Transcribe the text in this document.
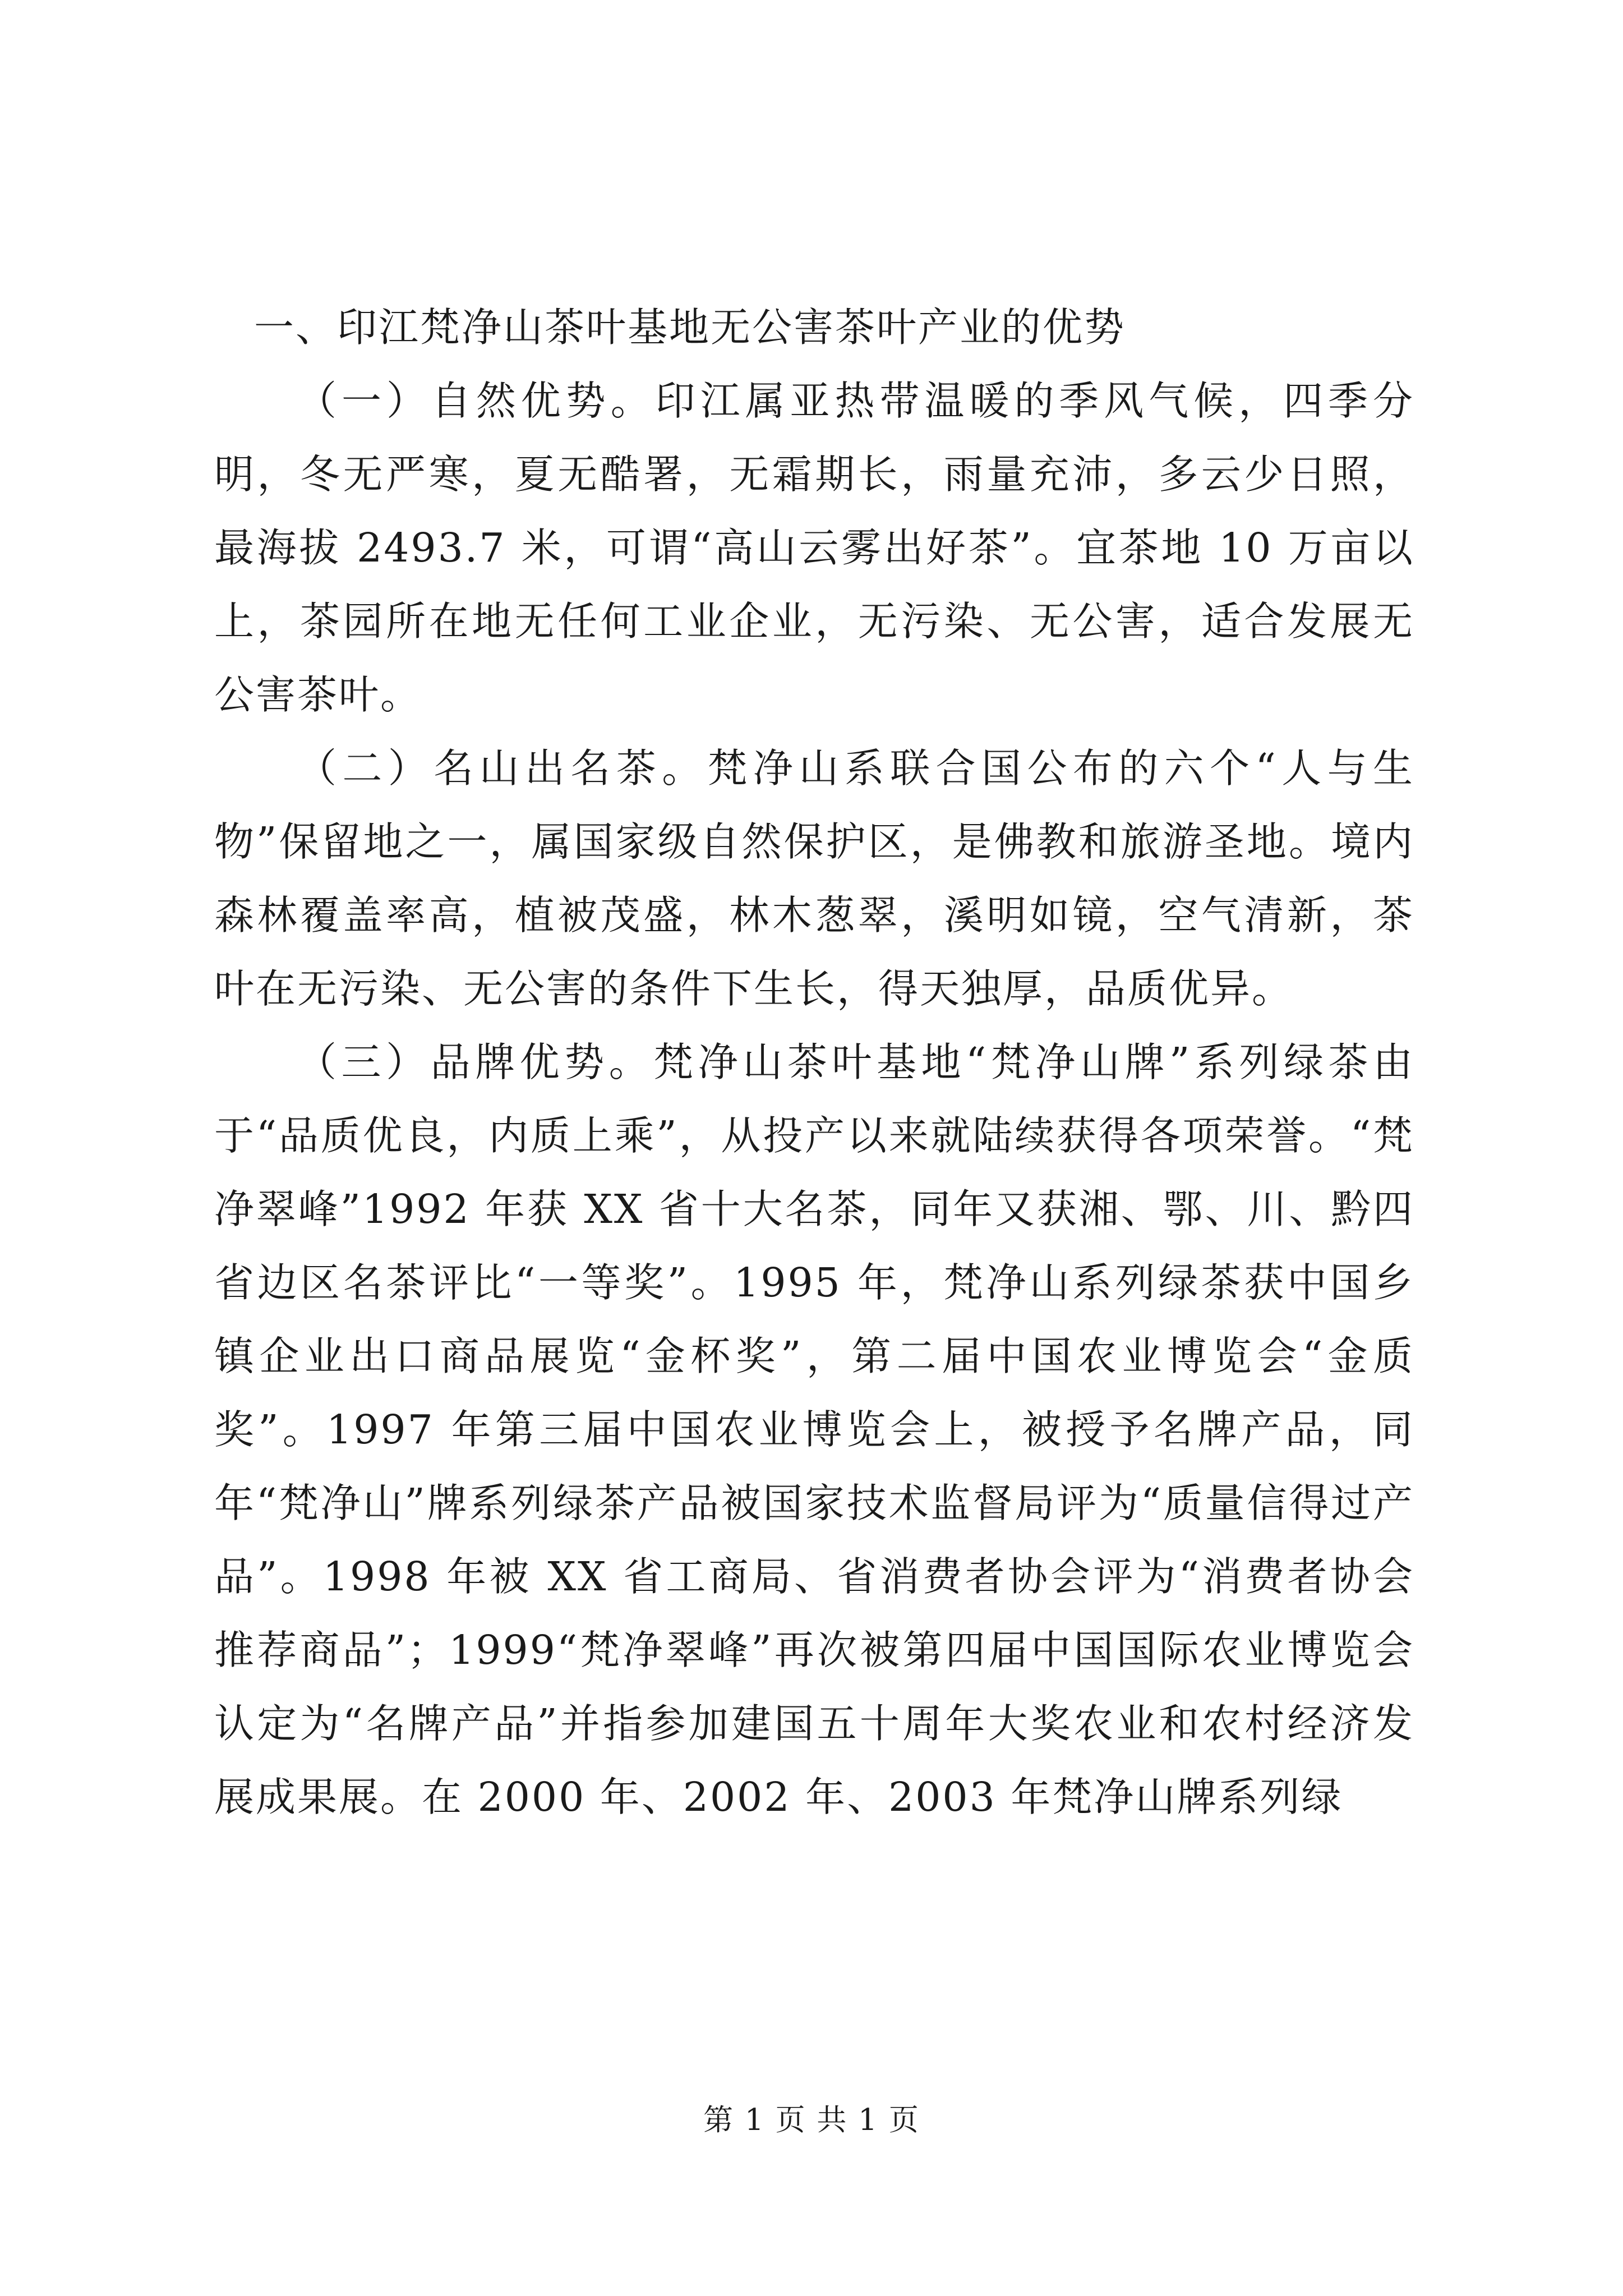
一、印江梵净山茶叶基地无公害茶叶产业的优势

（一）自然优势。印江属亚热带温暖的季风气候，四季分明，冬无严寒，夏无酷署，无霜期长，雨量充沛，多云少日照，最海拔 2493.7 米，可谓“高山云雾出好茶”。宜茶地 10 万亩以上，茶园所在地无任何工业企业，无污染、无公害，适合发展无公害茶叶。

（二）名山出名茶。梵净山系联合国公布的六个“人与生物”保留地之一，属国家级自然保护区，是佛教和旅游圣地。境内森林覆盖率高，植被茂盛，林木葱翠，溪明如镜，空气清新，茶叶在无污染、无公害的条件下生长，得天独厚，品质优异。

（三）品牌优势。梵净山茶叶基地“梵净山牌”系列绿茶由于“品质优良，内质上乘”，从投产以来就陆续获得各项荣誉。“梵净翠峰”1992 年获 XX 省十大名茶，同年又获湘、鄂、川、黔四省边区名茶评比“一等奖”。1995 年，梵净山系列绿茶获中国乡镇企业出口商品展览“金杯奖”，第二届中国农业博览会“金质奖”。1997 年第三届中国农业博览会上，被授予名牌产品，同年“梵净山”牌系列绿茶产品被国家技术监督局评为“质量信得过产品”。1998 年被 XX 省工商局、省消费者协会评为“消费者协会推荐商品”；1999“梵净翠峰”再次被第四届中国国际农业博览会认定为“名牌产品”并指参加建国五十周年大奖农业和农村经济发展成果展。在 2000 年、2002 年、2003 年梵净山牌系列绿

第 1 页 共 1 页
